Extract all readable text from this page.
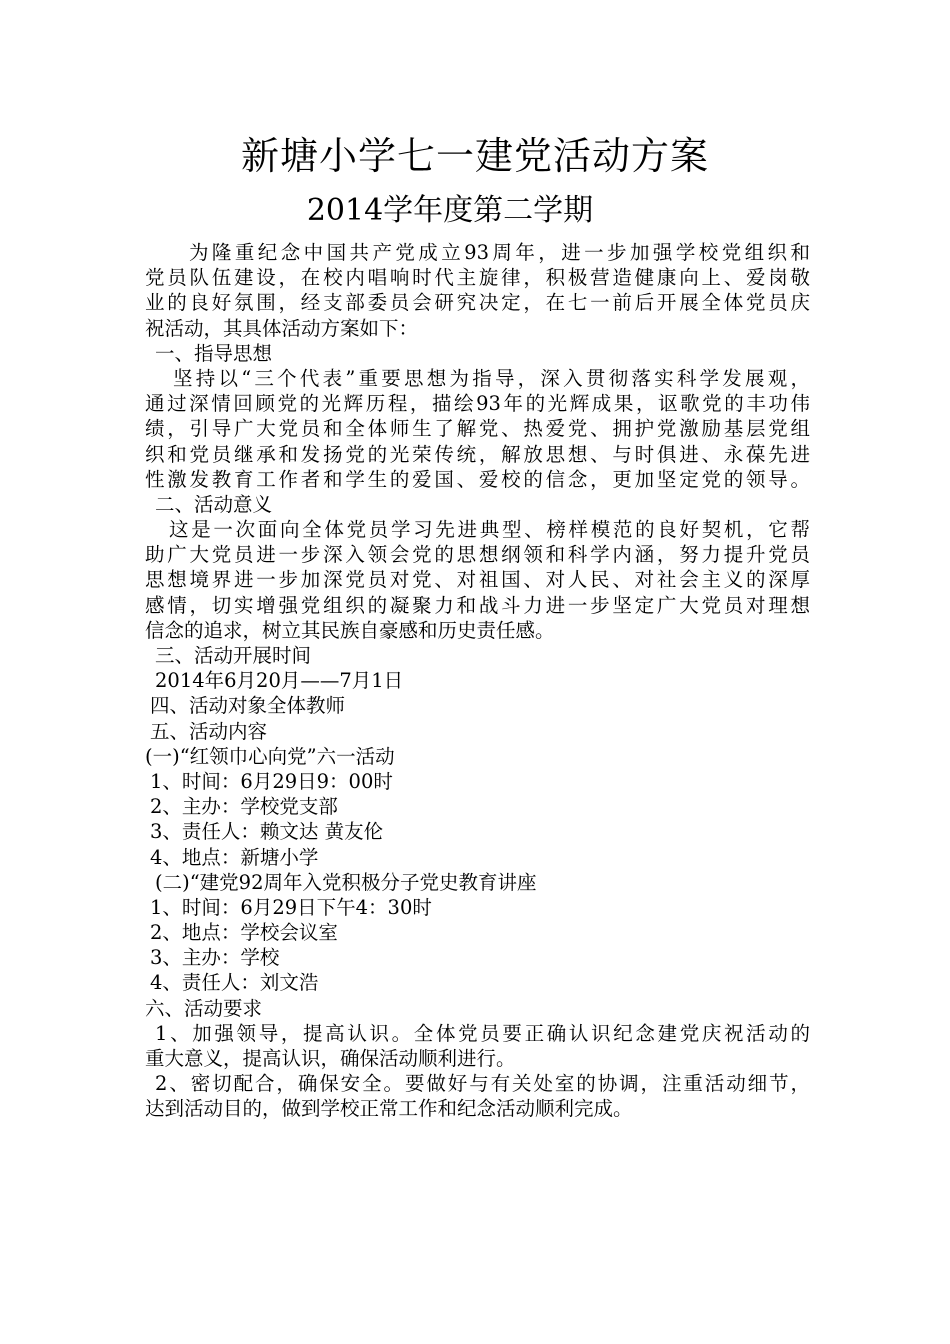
新塘小学七一建党活动方案
2014学年度第二学期
为隆重纪念中国共产党成立93周年，进一步加强学校党组织和
党员队伍建设，在校内唱响时代主旋律，积极营造健康向上、爱岗敬
业的良好氛围，经支部委员会研究决定，在七一前后开展全体党员庆
祝活动，其具体活动方案如下：
一、指导思想
坚持以“三个代表”重要思想为指导，深入贯彻落实科学发展观，
通过深情回顾党的光辉历程，描绘93年的光辉成果，讴歌党的丰功伟
绩，引导广大党员和全体师生了解党、热爱党、拥护党激励基层党组
织和党员继承和发扬党的光荣传统，解放思想、与时俱进、永葆先进
性激发教育工作者和学生的爱国、爱校的信念，更加坚定党的领导。
二、活动意义
这是一次面向全体党员学习先进典型、榜样模范的良好契机，它帮
助广大党员进一步深入领会党的思想纲领和科学内涵，努力提升党员
思想境界进一步加深党员对党、对祖国、对人民、对社会主义的深厚
感情，切实增强党组织的凝聚力和战斗力进一步坚定广大党员对理想
信念的追求，树立其民族自豪感和历史责任感。
三、活动开展时间
2014年6月20月——7月1日
四、活动对象全体教师
五、活动内容
(一)“红领巾心向党”六一活动
1、时间：6月29日9：00时
2、主办：学校党支部
3、责任人：赖文达 黄友伦
4、地点：新塘小学
(二)“建党92周年入党积极分子党史教育讲座
1、时间：6月29日下午4：30时
2、地点：学校会议室
3、主办：学校
4、责任人：刘文浩
六、活动要求
1、加强领导，提高认识。全体党员要正确认识纪念建党庆祝活动的
重大意义，提高认识，确保活动顺利进行。
2、密切配合，确保安全。要做好与有关处室的协调，注重活动细节，
达到活动目的，做到学校正常工作和纪念活动顺利完成。
